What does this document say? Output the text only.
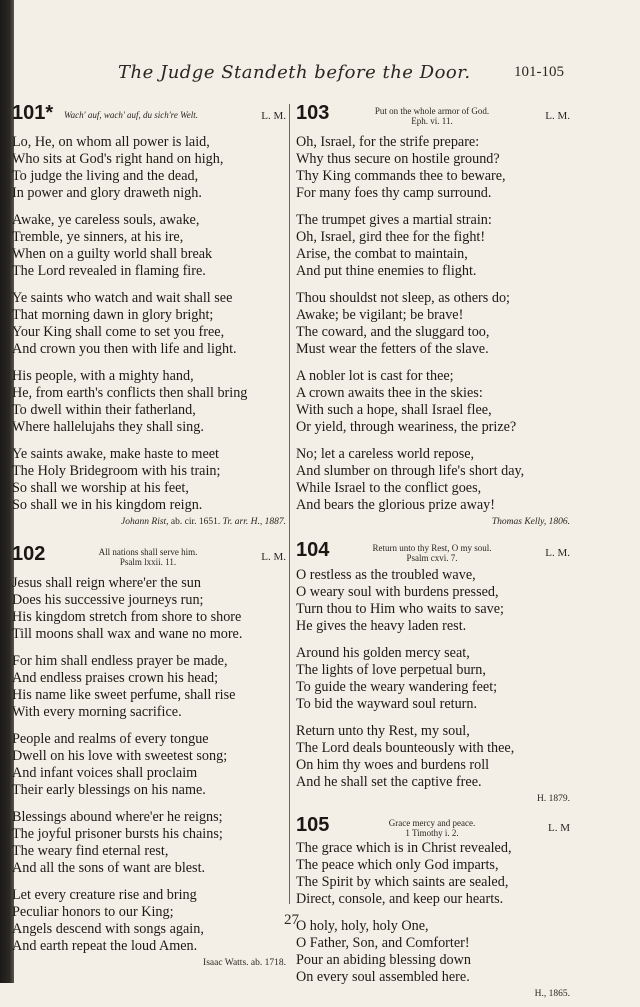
The Judge Standeth before the Door.	101-105
101* Wach' auf, wach' auf, du sich're Welt.	L. M.
Lo, He, on whom all power is laid,
Who sits at God's right hand on high,
To judge the living and the dead,
In power and glory draweth nigh.
Awake, ye careless souls, awake,
Tremble, ye sinners, at his ire,
When on a guilty world shall break
The Lord revealed in flaming fire.
Ye saints who watch and wait shall see
That morning dawn in glory bright;
Your King shall come to set you free,
And crown you then with life and light.
His people, with a mighty hand,
He, from earth's conflicts then shall bring
To dwell within their fatherland,
Where hallelujahs they shall sing.
Ye saints awake, make haste to meet
The Holy Bridegroom with his train;
So shall we worship at his feet,
So shall we in his kingdom reign.
Johann Rist, ab. cir. 1651. Tr. arr. H., 1887.
102	All nations shall serve him.
Psalm lxxii. 11.	L. M.
Jesus shall reign where'er the sun
Does his successive journeys run;
His kingdom stretch from shore to shore
Till moons shall wax and wane no more.
For him shall endless prayer be made,
And endless praises crown his head;
His name like sweet perfume, shall rise
With every morning sacrifice.
People and realms of every tongue
Dwell on his love with sweetest song;
And infant voices shall proclaim
Their early blessings on his name.
Blessings abound where'er he reigns;
The joyful prisoner bursts his chains;
The weary find eternal rest,
And all the sons of want are blest.
Let every creature rise and bring
Peculiar honors to our King;
Angels descend with songs again,
And earth repeat the loud Amen.
Isaac Watts. ab. 1718.
103	Put on the whole armor of God.
Eph. vi. 11.	L. M.
Oh, Israel, for the strife prepare:
Why thus secure on hostile ground?
Thy King commands thee to beware,
For many foes thy camp surround.
The trumpet gives a martial strain:
Oh, Israel, gird thee for the fight!
Arise, the combat to maintain,
And put thine enemies to flight.
Thou shouldst not sleep, as others do;
Awake; be vigilant; be brave!
The coward, and the sluggard too,
Must wear the fetters of the slave.
A nobler lot is cast for thee;
A crown awaits thee in the skies:
With such a hope, shall Israel flee,
Or yield, through weariness, the prize?
No; let a careless world repose,
And slumber on through life's short day,
While Israel to the conflict goes,
And bears the glorious prize away!
Thomas Kelly, 1806.
104	Return unto thy Rest, O my soul.
Psalm cxvi. 7.	L. M.
O restless as the troubled wave,
O weary soul with burdens pressed,
Turn thou to Him who waits to save;
He gives the heavy laden rest.
Around his golden mercy seat,
The lights of love perpetual burn,
To guide the weary wandering feet;
To bid the wayward soul return.
Return unto thy Rest, my soul,
The Lord deals bounteously with thee,
On him thy woes and burdens roll
And he shall set the captive free.
H. 1879.
105	Grace mercy and peace.
1 Timothy i. 2.	L. M
The grace which is in Christ revealed,
The peace which only God imparts,
The Spirit by which saints are sealed,
Direct, console, and keep our hearts.
O holy, holy, holy One,
O Father, Son, and Comforter!
Pour an abiding blessing down
On every soul assembled here.
H., 1865.
27
